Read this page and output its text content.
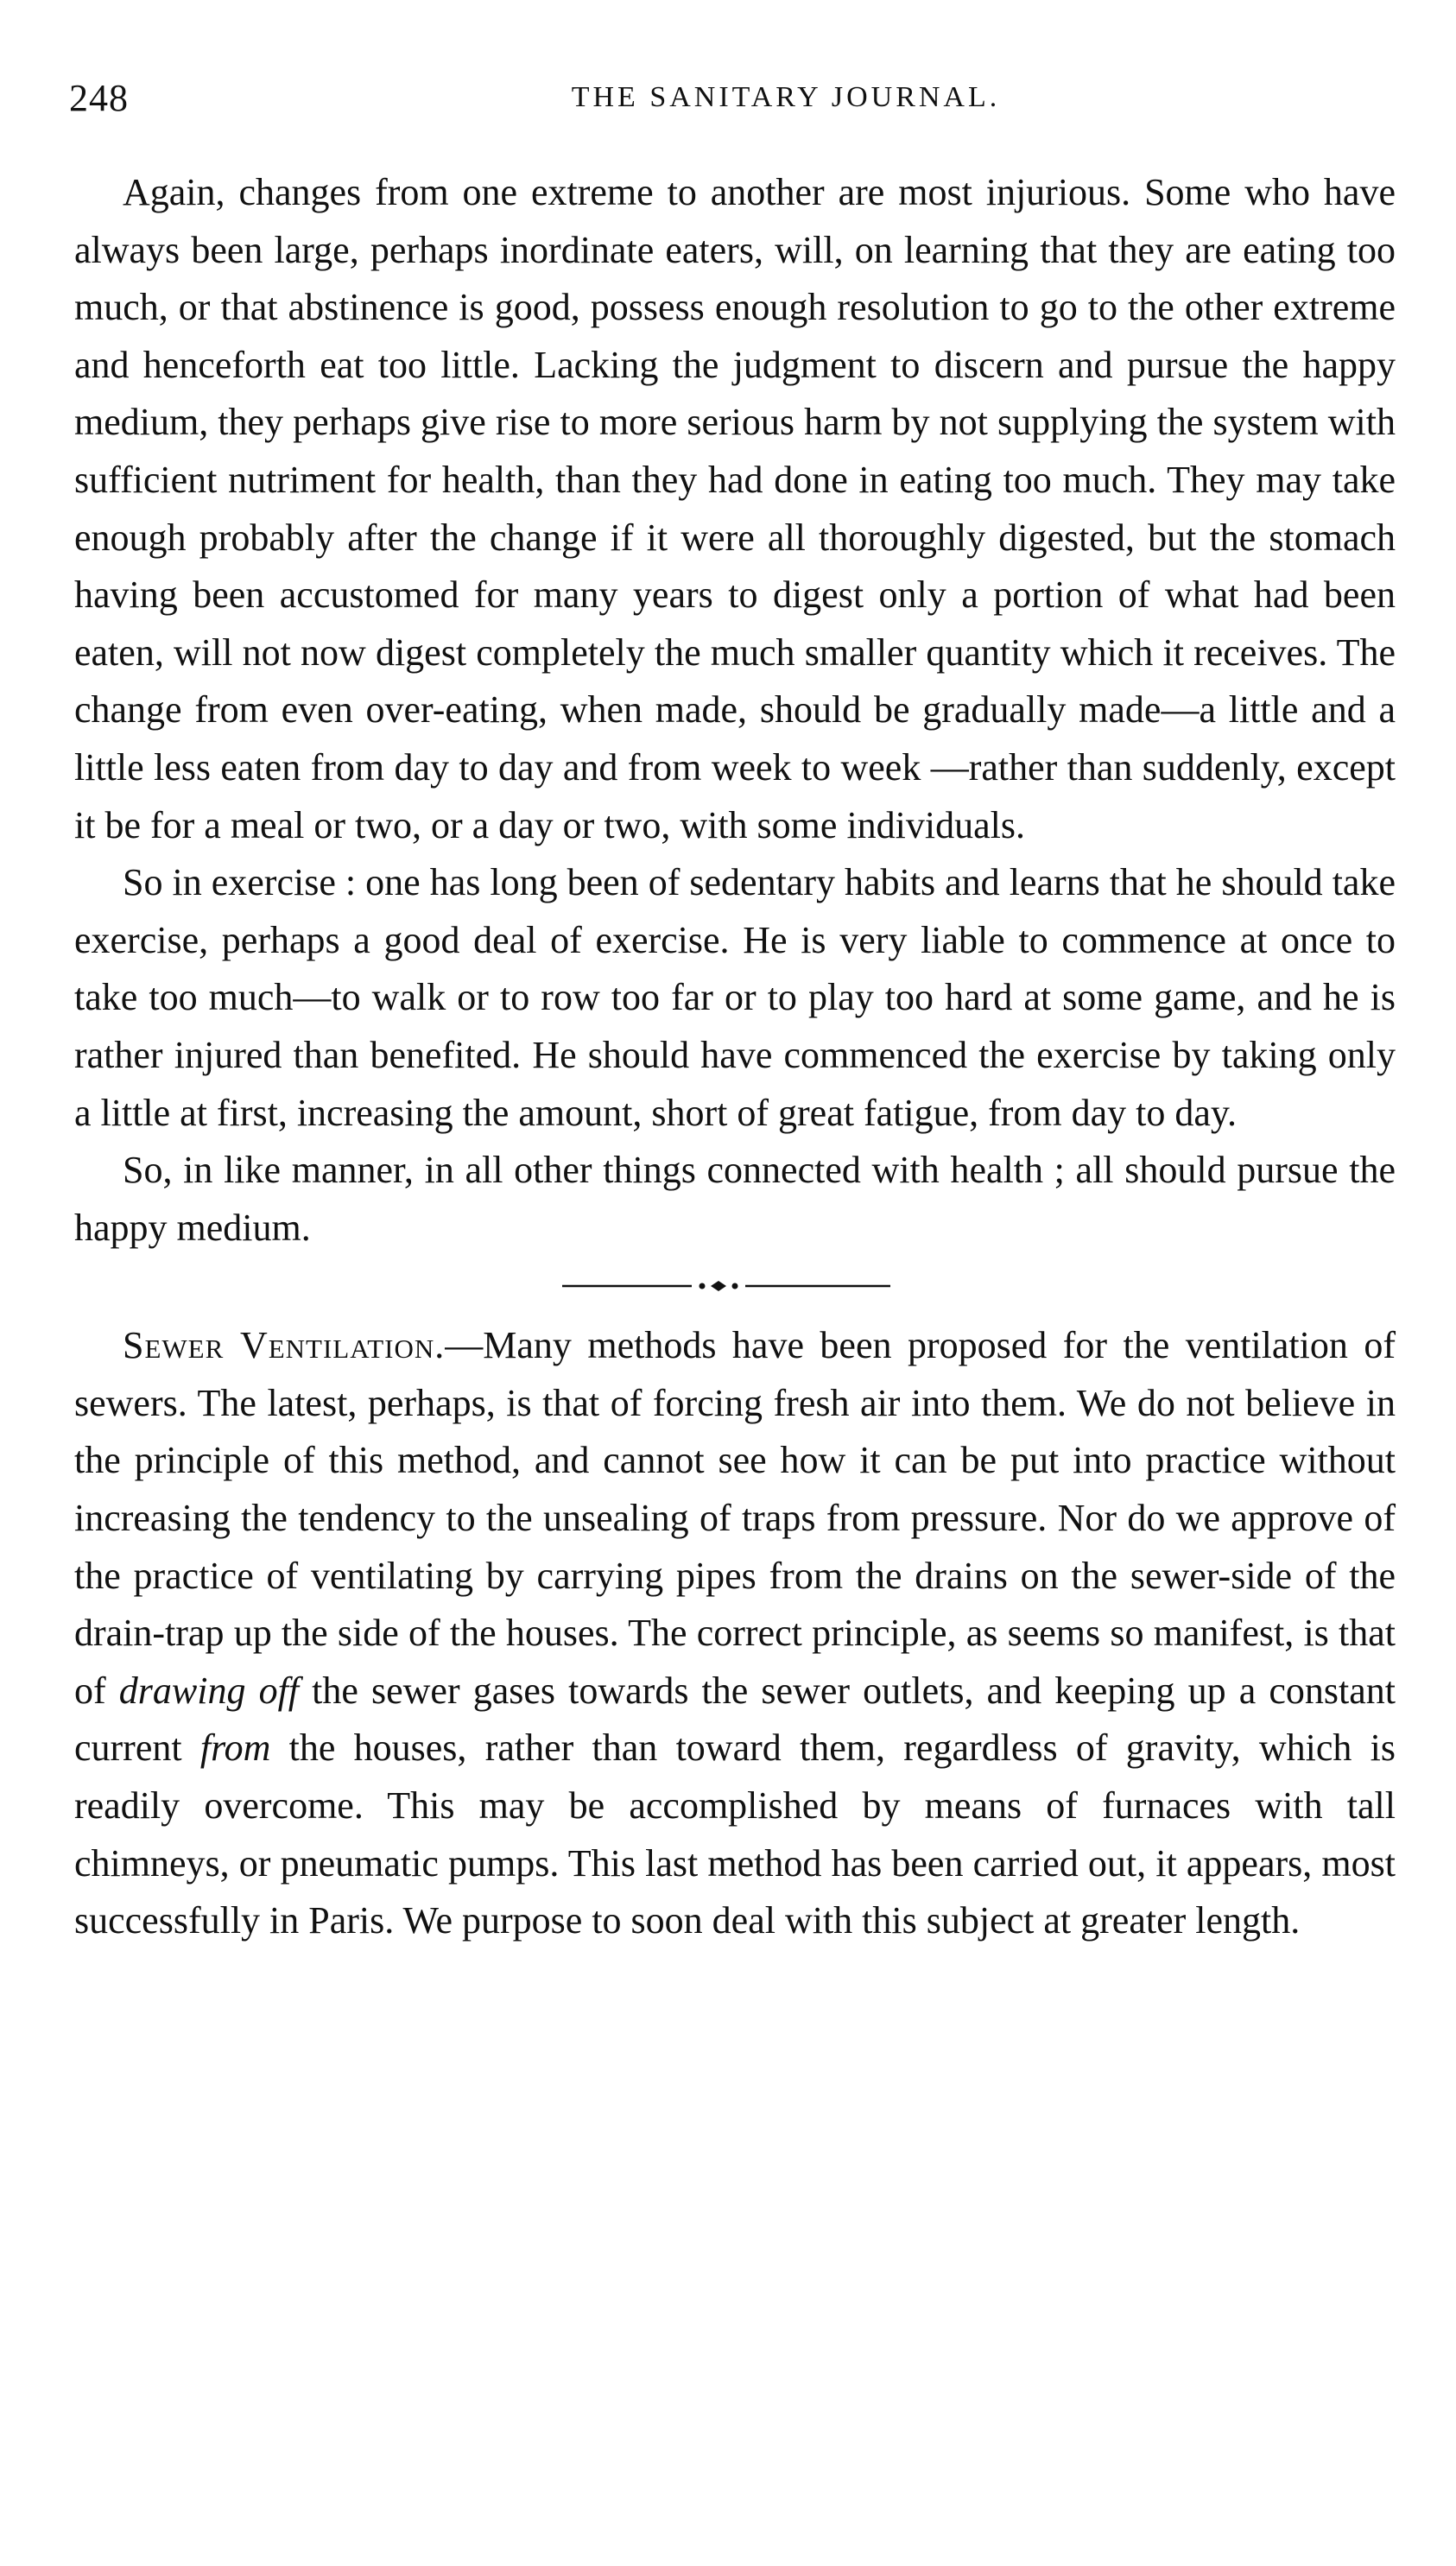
248	THE SANITARY JOURNAL.

Again, changes from one extreme to another are most injurious. Some who have always been large, perhaps inordinate eaters, will, on learning that they are eating too much, or that abstinence is good, possess enough resolution to go to the other extreme and henceforth eat too little. Lacking the judgment to discern and pursue the happy medium, they perhaps give rise to more serious harm by not supplying the system with sufficient nutriment for health, than they had done in eating too much. They may take enough probably after the change if it were all thoroughly digested, but the stomach having been accustomed for many years to digest only a portion of what had been eaten, will not now digest completely the much smaller quantity which it receives. The change from even over-eating, when made, should be gradually made—a little and a little less eaten from day to day and from week to week —rather than suddenly, except it be for a meal or two, or a day or two, with some individuals.

So in exercise : one has long been of sedentary habits and learns that he should take exercise, perhaps a good deal of exercise. He is very liable to commence at once to take too much—to walk or to row too far or to play too hard at some game, and he is rather injured than benefited. He should have commenced the exercise by taking only a little at first, increasing the amount, short of great fatigue, from day to day.

So, in like manner, in all other things connected with health ; all should pursue the happy medium.

Sewer Ventilation.—Many methods have been proposed for the ventilation of sewers. The latest, perhaps, is that of forcing fresh air into them. We do not believe in the principle of this method, and cannot see how it can be put into practice without increasing the tendency to the unsealing of traps from pressure. Nor do we approve of the practice of ventilating by carrying pipes from the drains on the sewer-side of the drain-trap up the side of the houses. The correct principle, as seems so manifest, is that of drawing off the sewer gases towards the sewer outlets, and keeping up a constant current from the houses, rather than toward them, regardless of gravity, which is readily overcome. This may be accomplished by means of furnaces with tall chimneys, or pneumatic pumps. This last method has been carried out, it appears, most successfully in Paris. We purpose to soon deal with this subject at greater length.
